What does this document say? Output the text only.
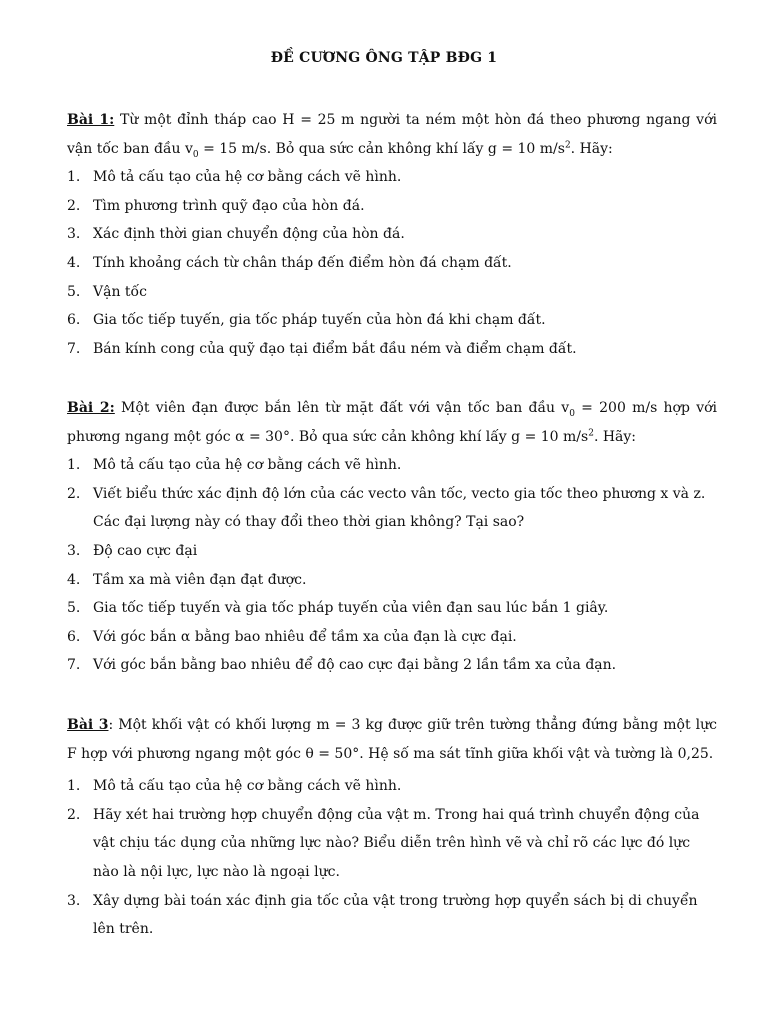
ĐỀ CƯƠNG ÔNG TẬP BĐG 1
Bài 1: Từ một đỉnh tháp cao H = 25 m người ta ném một hòn đá theo phương ngang với vận tốc ban đầu $v_0 = 15$ m/s. Bỏ qua sức cản không khí lấy g = 10 $m/s^2$. Hãy:
1. Mô tả cấu tạo của hệ cơ bằng cách vẽ hình.
2. Tìm phương trình quỹ đạo của hòn đá.
3. Xác định thời gian chuyển động của hòn đá.
4. Tính khoảng cách từ chân tháp đến điểm hòn đá chạm đất.
5. Vận tốc
6. Gia tốc tiếp tuyến, gia tốc pháp tuyến của hòn đá khi chạm đất.
7. Bán kính cong của quỹ đạo tại điểm bắt đầu ném và điểm chạm đất.
Bài 2: Một viên đạn được bắn lên từ mặt đất với vận tốc ban đầu $v_0 = 200$ m/s hợp với phương ngang một góc α = 30°. Bỏ qua sức cản không khí lấy g = 10 $m/s^2$. Hãy:
1. Mô tả cấu tạo của hệ cơ bằng cách vẽ hình.
2. Viết biểu thức xác định độ lớn của các vecto vân tốc, vecto gia tốc theo phương x và z. Các đại lượng này có thay đổi theo thời gian không? Tại sao?
3. Độ cao cực đại
4. Tầm xa mà viên đạn đạt được.
5. Gia tốc tiếp tuyến và gia tốc pháp tuyến của viên đạn sau lúc bắn 1 giây.
6. Với góc bắn α bằng bao nhiêu để tầm xa của đạn là cực đại.
7. Với góc bắn bằng bao nhiêu để độ cao cực đại bằng 2 lần tầm xa của đạn.
Bài 3: Một khối vật có khối lượng m = 3 kg được giữ trên tường thẳng đứng bằng một lực F hợp với phương ngang một góc θ = 50°. Hệ số ma sát tĩnh giữa khối vật và tường là 0,25.
1. Mô tả cấu tạo của hệ cơ bằng cách vẽ hình.
2. Hãy xét hai trường hợp chuyển động của vật m. Trong hai quá trình chuyển động của vật chịu tác dụng của những lực nào? Biểu diễn trên hình vẽ và chỉ rõ các lực đó lực nào là nội lực, lực nào là ngoại lực.
3. Xây dựng bài toán xác định gia tốc của vật trong trường hợp quyển sách bị di chuyển lên trên.
